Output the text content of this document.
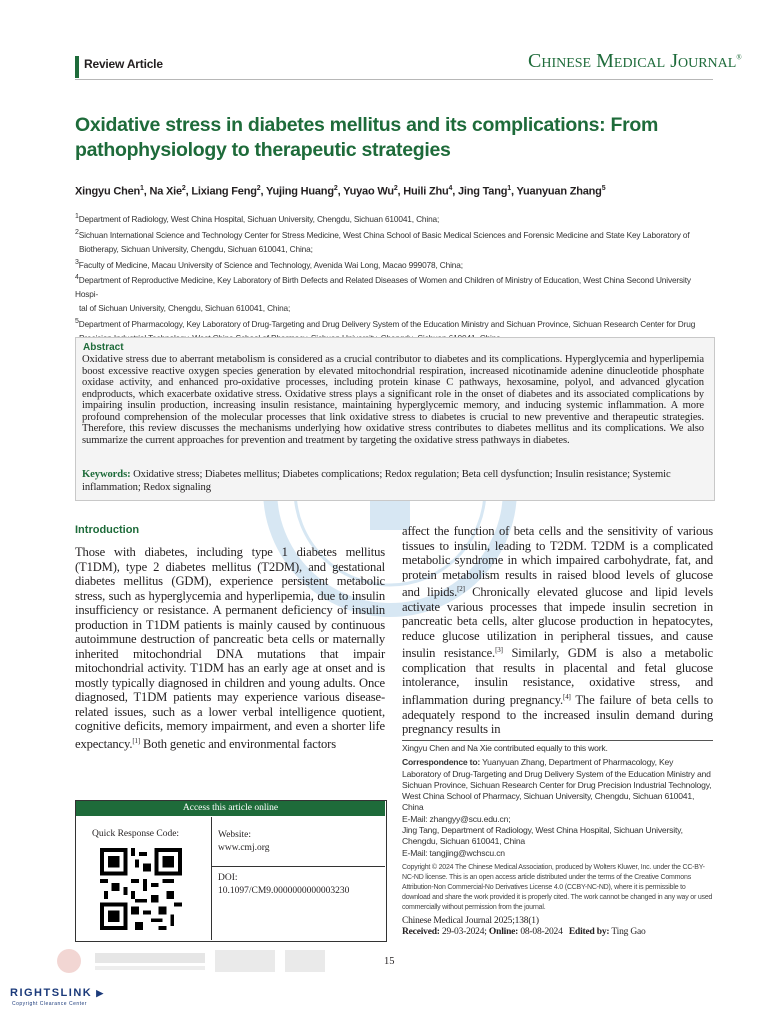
Review Article	Chinese Medical Journal®
Oxidative stress in diabetes mellitus and its complications: From pathophysiology to therapeutic strategies
Xingyu Chen$^1$, Na Xie$^2$, Lixiang Feng$^2$, Yujing Huang$^2$, Yuyao Wu$^2$, Huili Zhu$^4$, Jing Tang$^1$, Yuanyuan Zhang$^5$
$^1$Department of Radiology, West China Hospital, Sichuan University, Chengdu, Sichuan 610041, China;
$^2$Sichuan International Science and Technology Center for Stress Medicine, West China School of Basic Medical Sciences and Forensic Medicine and State Key Laboratory of
Biotherapy, Sichuan University, Chengdu, Sichuan 610041, China;
$^3$Faculty of Medicine, Macau University of Science and Technology, Avenida Wai Long, Macao 999078, China;
$^4$Department of Reproductive Medicine, Key Laboratory of Birth Defects and Related Diseases of Women and Children of Ministry of Education, West China Second University Hospi-
tal of Sichuan University, Chengdu, Sichuan 610041, China;
$^5$Department of Pharmacology, Key Laboratory of Drug-Targeting and Drug Delivery System of the Education Ministry and Sichuan Province, Sichuan Research Center for Drug
Abstract
Oxidative stress due to aberrant metabolism is considered as a crucial contributor to diabetes and its complications. Hyperglycemia and hyperlipemia boost excessive reactive oxygen species generation by elevated mitochondrial respiration, increased nicotinamide adenine dinucleotide phosphate oxidase activity, and enhanced pro-oxidative processes, including protein kinase C pathways, hexosamine, polyol, and advanced glycation endproducts, which exacerbate oxidative stress. Oxidative stress plays a significant role in the onset of diabetes and its associated complications by impairing insulin production, increasing insulin resistance, maintaining hyperglycemic memory, and inducing systemic inflammation. A more profound comprehension of the molecular processes that link oxidative stress to diabetes is crucial to new preventive and therapeutic strategies. Therefore, this review discusses the mechanisms underlying how oxidative stress contributes to diabetes mellitus and its complications. We also summarize the current approaches for prevention and treatment by targeting the oxidative stress pathways in diabetes.
Keywords: Oxidative stress; Diabetes mellitus; Diabetes complications; Redox regulation; Beta cell dysfunction; Insulin resistance; Systemic inflammation; Redox signaling
Introduction
Those with diabetes, including type 1 diabetes mellitus (T1DM), type 2 diabetes mellitus (T2DM), and gestational diabetes mellitus (GDM), experience persistent metabolic stress, such as hyperglycemia and hyperlipemia, due to insulin insufficiency or resistance. A permanent deficiency of insulin production in T1DM patients is mainly caused by continuous autoimmune destruction of pancreatic beta cells or maternally inherited mitochondrial DNA mutations that impair mitochondrial activity. T1DM has an early age at onset and is mostly typically diagnosed in children and young adults. Once diagnosed, T1DM patients may experience various disease-related issues, such as a lower verbal intelligence quotient, cognitive deficits, memory impairment, and even a shorter life expectancy.[1] Both genetic and environmental factors
affect the function of beta cells and the sensitivity of various tissues to insulin, leading to T2DM. T2DM is a complicated metabolic syndrome in which impaired carbohydrate, fat, and protein metabolism results in raised blood levels of glucose and lipids.[2] Chronically elevated glucose and lipid levels activate various processes that impede insulin secretion in pancreatic beta cells, alter glucose production in hepatocytes, reduce glucose utilization in peripheral tissues, and cause insulin resistance.[3] Similarly, GDM is also a metabolic complication that results in placental and fetal glucose intolerance, insulin resistance, oxidative stress, and inflammation during pregnancy.[4] The failure of beta cells to adequately respond to the increased insulin demand during pregnancy results in

Xingyu Chen and Na Xie contributed equally to this work.

Correspondence to: Yuanyuan Zhang, Department of Pharmacology, Key Laboratory of Drug-Targeting and Drug Delivery System of the Education Ministry and Sichuan Province, Sichuan Research Center for Drug Precision Industrial Technology, West China School of Pharmacy, Sichuan University, Chengdu, Sichuan 610041, China

E-Mail: zhangyy@scu.edu.cn;

Jing Tang, Department of Radiology, West China Hospital, Sichuan University, Chengdu, Sichuan 610041, China

E-Mail: tangjing@wchscu.cn

Copyright © 2024 The Chinese Medical Association, produced by Wolters Kluwer, Inc. under the CC-BY-NC-ND license. This is an open access article distributed under the terms of the Creative Commons Attribution-Non Commercial-No Derivatives License 4.0 (CCBY-NC-ND), where it is permissible to download and share the work provided it is properly cited. The work cannot be changed in any way or used commercially without permission from the journal.

Chinese Medical Journal 2025;138(1)

Received: 29-03-2024; Online: 08-08-2024 Edited by: Ting Gao

Access this article online
Quick Response Code:	Website:
www.cmj.org
DOI:
10.1097/CM9.0000000000003230
15
RIGHTSLINK ▶
Copyright Clearance Center
